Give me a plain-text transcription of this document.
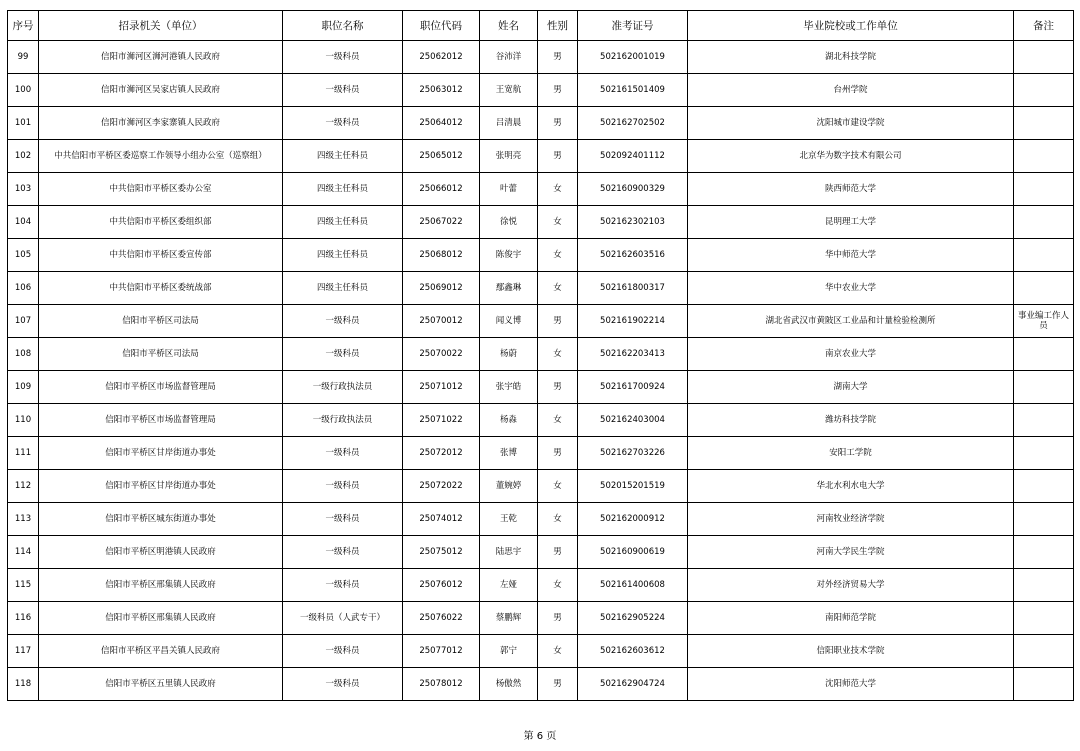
序号	招录机关（单位）	职位名称	职位代码	姓名	性别	准考证号	毕业院校或工作单位	备注
99	信阳市浉河区浉河港镇人民政府	一级科员	25062012	谷沛洋	男	502162001019	湖北科技学院	
100	信阳市浉河区吴家店镇人民政府	一级科员	25063012	王宽航	男	502161501409	台州学院	
101	信阳市浉河区李家寨镇人民政府	一级科员	25064012	吕清晨	男	502162702502	沈阳城市建设学院	
102	中共信阳市平桥区委巡察工作领导小组办公室（巡察组）	四级主任科员	25065012	张明亮	男	502092401112	北京华为数字技术有限公司	
103	中共信阳市平桥区委办公室	四级主任科员	25066012	叶蕾	女	502160900329	陕西师范大学	
104	中共信阳市平桥区委组织部	四级主任科员	25067022	徐悦	女	502162302103	昆明理工大学	
105	中共信阳市平桥区委宣传部	四级主任科员	25068012	陈俊宇	女	502162603516	华中师范大学	
106	中共信阳市平桥区委统战部	四级主任科员	25069012	鄢鑫琳	女	502161800317	华中农业大学	
107	信阳市平桥区司法局	一级科员	25070012	闻义博	男	502161902214	湖北省武汉市黄陂区工业品和计量检验检测所	事业编工作人员
108	信阳市平桥区司法局	一级科员	25070022	杨蔚	女	502162203413	南京农业大学	
109	信阳市平桥区市场监督管理局	一级行政执法员	25071012	张宇皓	男	502161700924	湖南大学	
110	信阳市平桥区市场监督管理局	一级行政执法员	25071022	杨淼	女	502162403004	潍坊科技学院	
111	信阳市平桥区甘岸街道办事处	一级科员	25072012	张博	男	502162703226	安阳工学院	
112	信阳市平桥区甘岸街道办事处	一级科员	25072022	董婉婷	女	502015201519	华北水利水电大学	
113	信阳市平桥区城东街道办事处	一级科员	25074012	王乾	女	502162000912	河南牧业经济学院	
114	信阳市平桥区明港镇人民政府	一级科员	25075012	陆思宇	男	502160900619	河南大学民生学院	
115	信阳市平桥区邢集镇人民政府	一级科员	25076012	左娅	女	502161400608	对外经济贸易大学	
116	信阳市平桥区邢集镇人民政府	一级科员（人武专干）	25076022	蔡鹏辉	男	502162905224	南阳师范学院	
117	信阳市平桥区平昌关镇人民政府	一级科员	25077012	郭宁	女	502162603612	信阳职业技术学院	
118	信阳市平桥区五里镇人民政府	一级科员	25078012	杨傲然	男	502162904724	沈阳师范大学	
第 6 页
